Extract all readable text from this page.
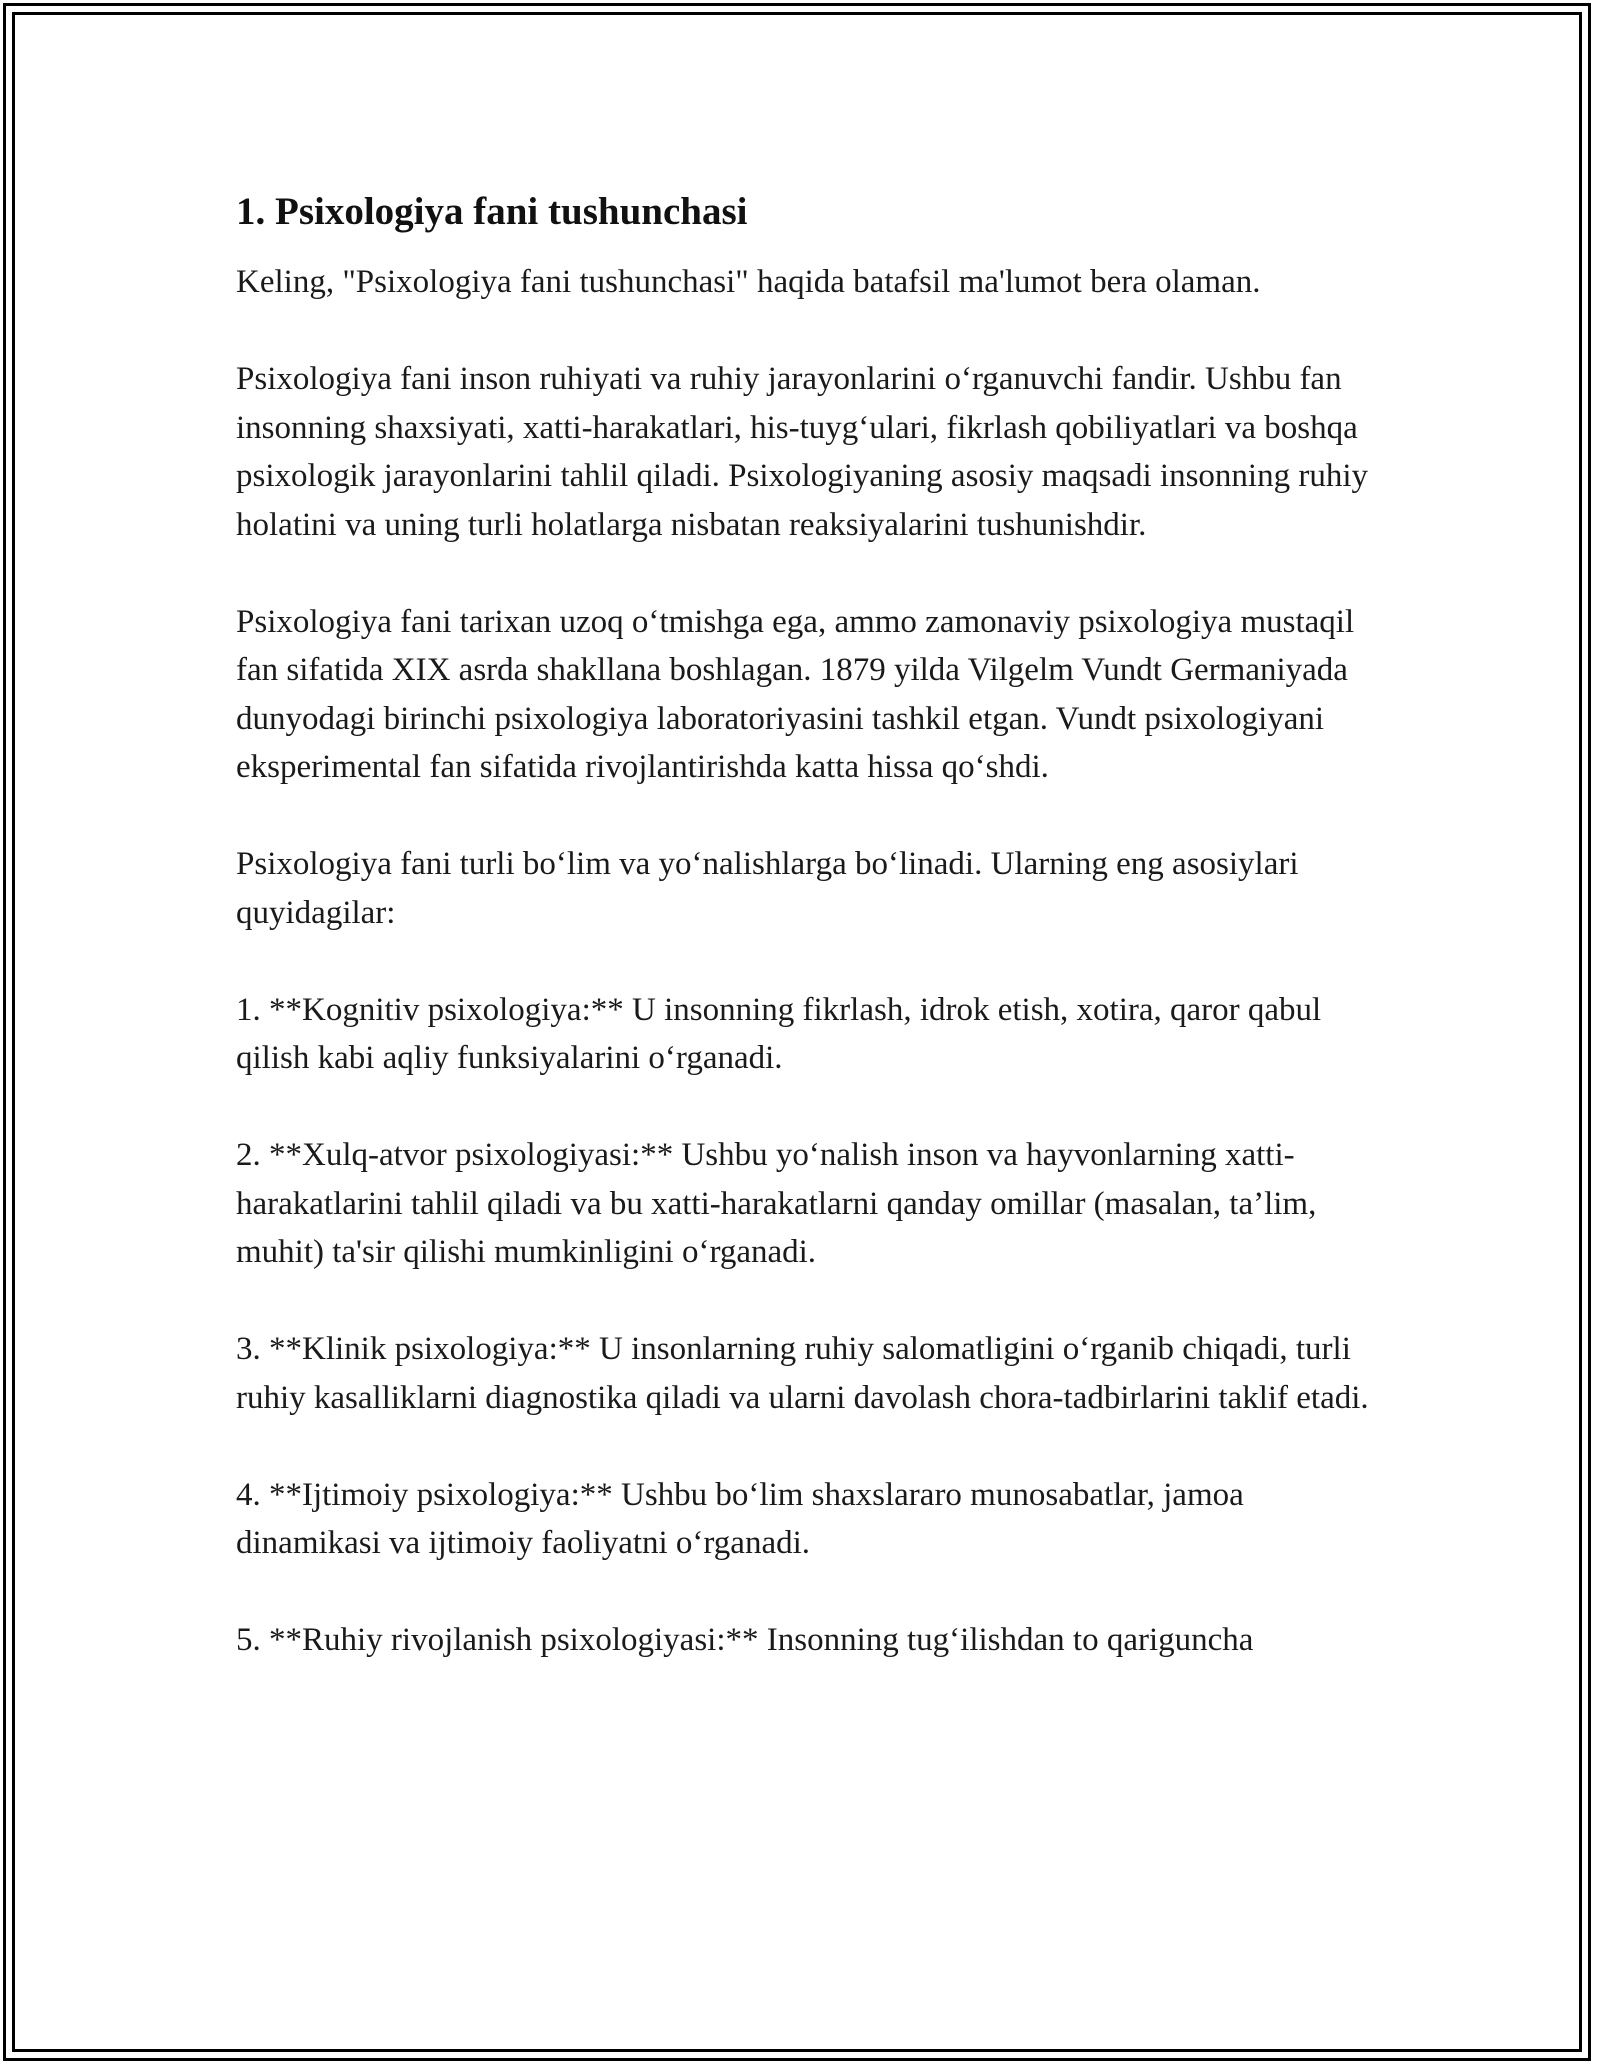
1. Psixologiya fani tushunchasi

Keling, "Psixologiya fani tushunchasi" haqida batafsil ma'lumot bera olaman.

Psixologiya fani inson ruhiyati va ruhiy jarayonlarini o‘rganuvchi fandir. Ushbu fan insonning shaxsiyati, xatti-harakatlari, his-tuyg‘ulari, fikrlash qobiliyatlari va boshqa psixologik jarayonlarini tahlil qiladi. Psixologiyaning asosiy maqsadi insonning ruhiy holatini va uning turli holatlarga nisbatan reaksiyalarini tushunishdir.

Psixologiya fani tarixan uzoq o‘tmishga ega, ammo zamonaviy psixologiya mustaqil fan sifatida XIX asrda shakllana boshlagan. 1879 yilda Vilgelm Vundt Germaniyada dunyodagi birinchi psixologiya laboratoriyasini tashkil etgan. Vundt psixologiyani eksperimental fan sifatida rivojlantirishda katta hissa qo‘shdi.

Psixologiya fani turli bo‘lim va yo‘nalishlarga bo‘linadi. Ularning eng asosiylari quyidagilar:

1. **Kognitiv psixologiya:** U insonning fikrlash, idrok etish, xotira, qaror qabul qilish kabi aqliy funksiyalarini o‘rganadi.

2. **Xulq-atvor psixologiyasi:** Ushbu yo‘nalish inson va hayvonlarning xatti-harakatlarini tahlil qiladi va bu xatti-harakatlarni qanday omillar (masalan, ta’lim, muhit) ta'sir qilishi mumkinligini o‘rganadi.

3. **Klinik psixologiya:** U insonlarning ruhiy salomatligini o‘rganib chiqadi, turli ruhiy kasalliklarni diagnostika qiladi va ularni davolash chora-tadbirlarini taklif etadi.

4. **Ijtimoiy psixologiya:** Ushbu bo‘lim shaxslararo munosabatlar, jamoa dinamikasi va ijtimoiy faoliyatni o‘rganadi.

5. **Ruhiy rivojlanish psixologiyasi:** Insonning tug‘ilishdan to qariguncha
